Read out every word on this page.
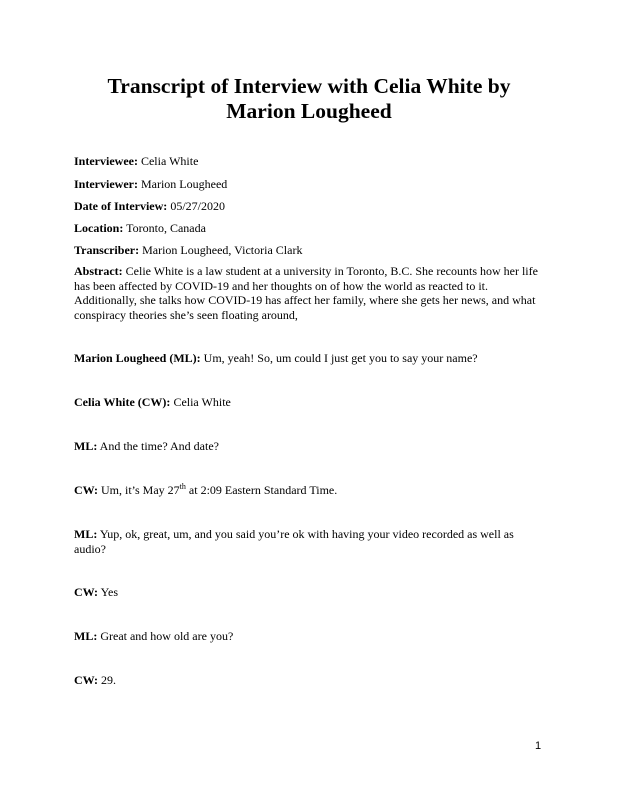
Transcript of Interview with Celia White by
Marion Lougheed

Interviewee: Celia White

Interviewer: Marion Lougheed

Date of Interview: 05/27/2020

Location: Toronto, Canada

Transcriber: Marion Lougheed, Victoria Clark

Abstract: Celie White is a law student at a university in Toronto, B.C. She recounts how her life has been affected by COVID-19 and her thoughts on of how the world as reacted to it. Additionally, she talks how COVID-19 has affect her family, where she gets her news, and what conspiracy theories she’s seen floating around,

Marion Lougheed (ML): Um, yeah! So, um could I just get you to say your name?

Celia White (CW): Celia White

ML: And the time? And date?

CW: Um, it’s May 27th at 2:09 Eastern Standard Time.

ML: Yup, ok, great, um, and you said you’re ok with having your video recorded as well as audio?

CW: Yes

ML: Great and how old are you?

CW: 29.

1
